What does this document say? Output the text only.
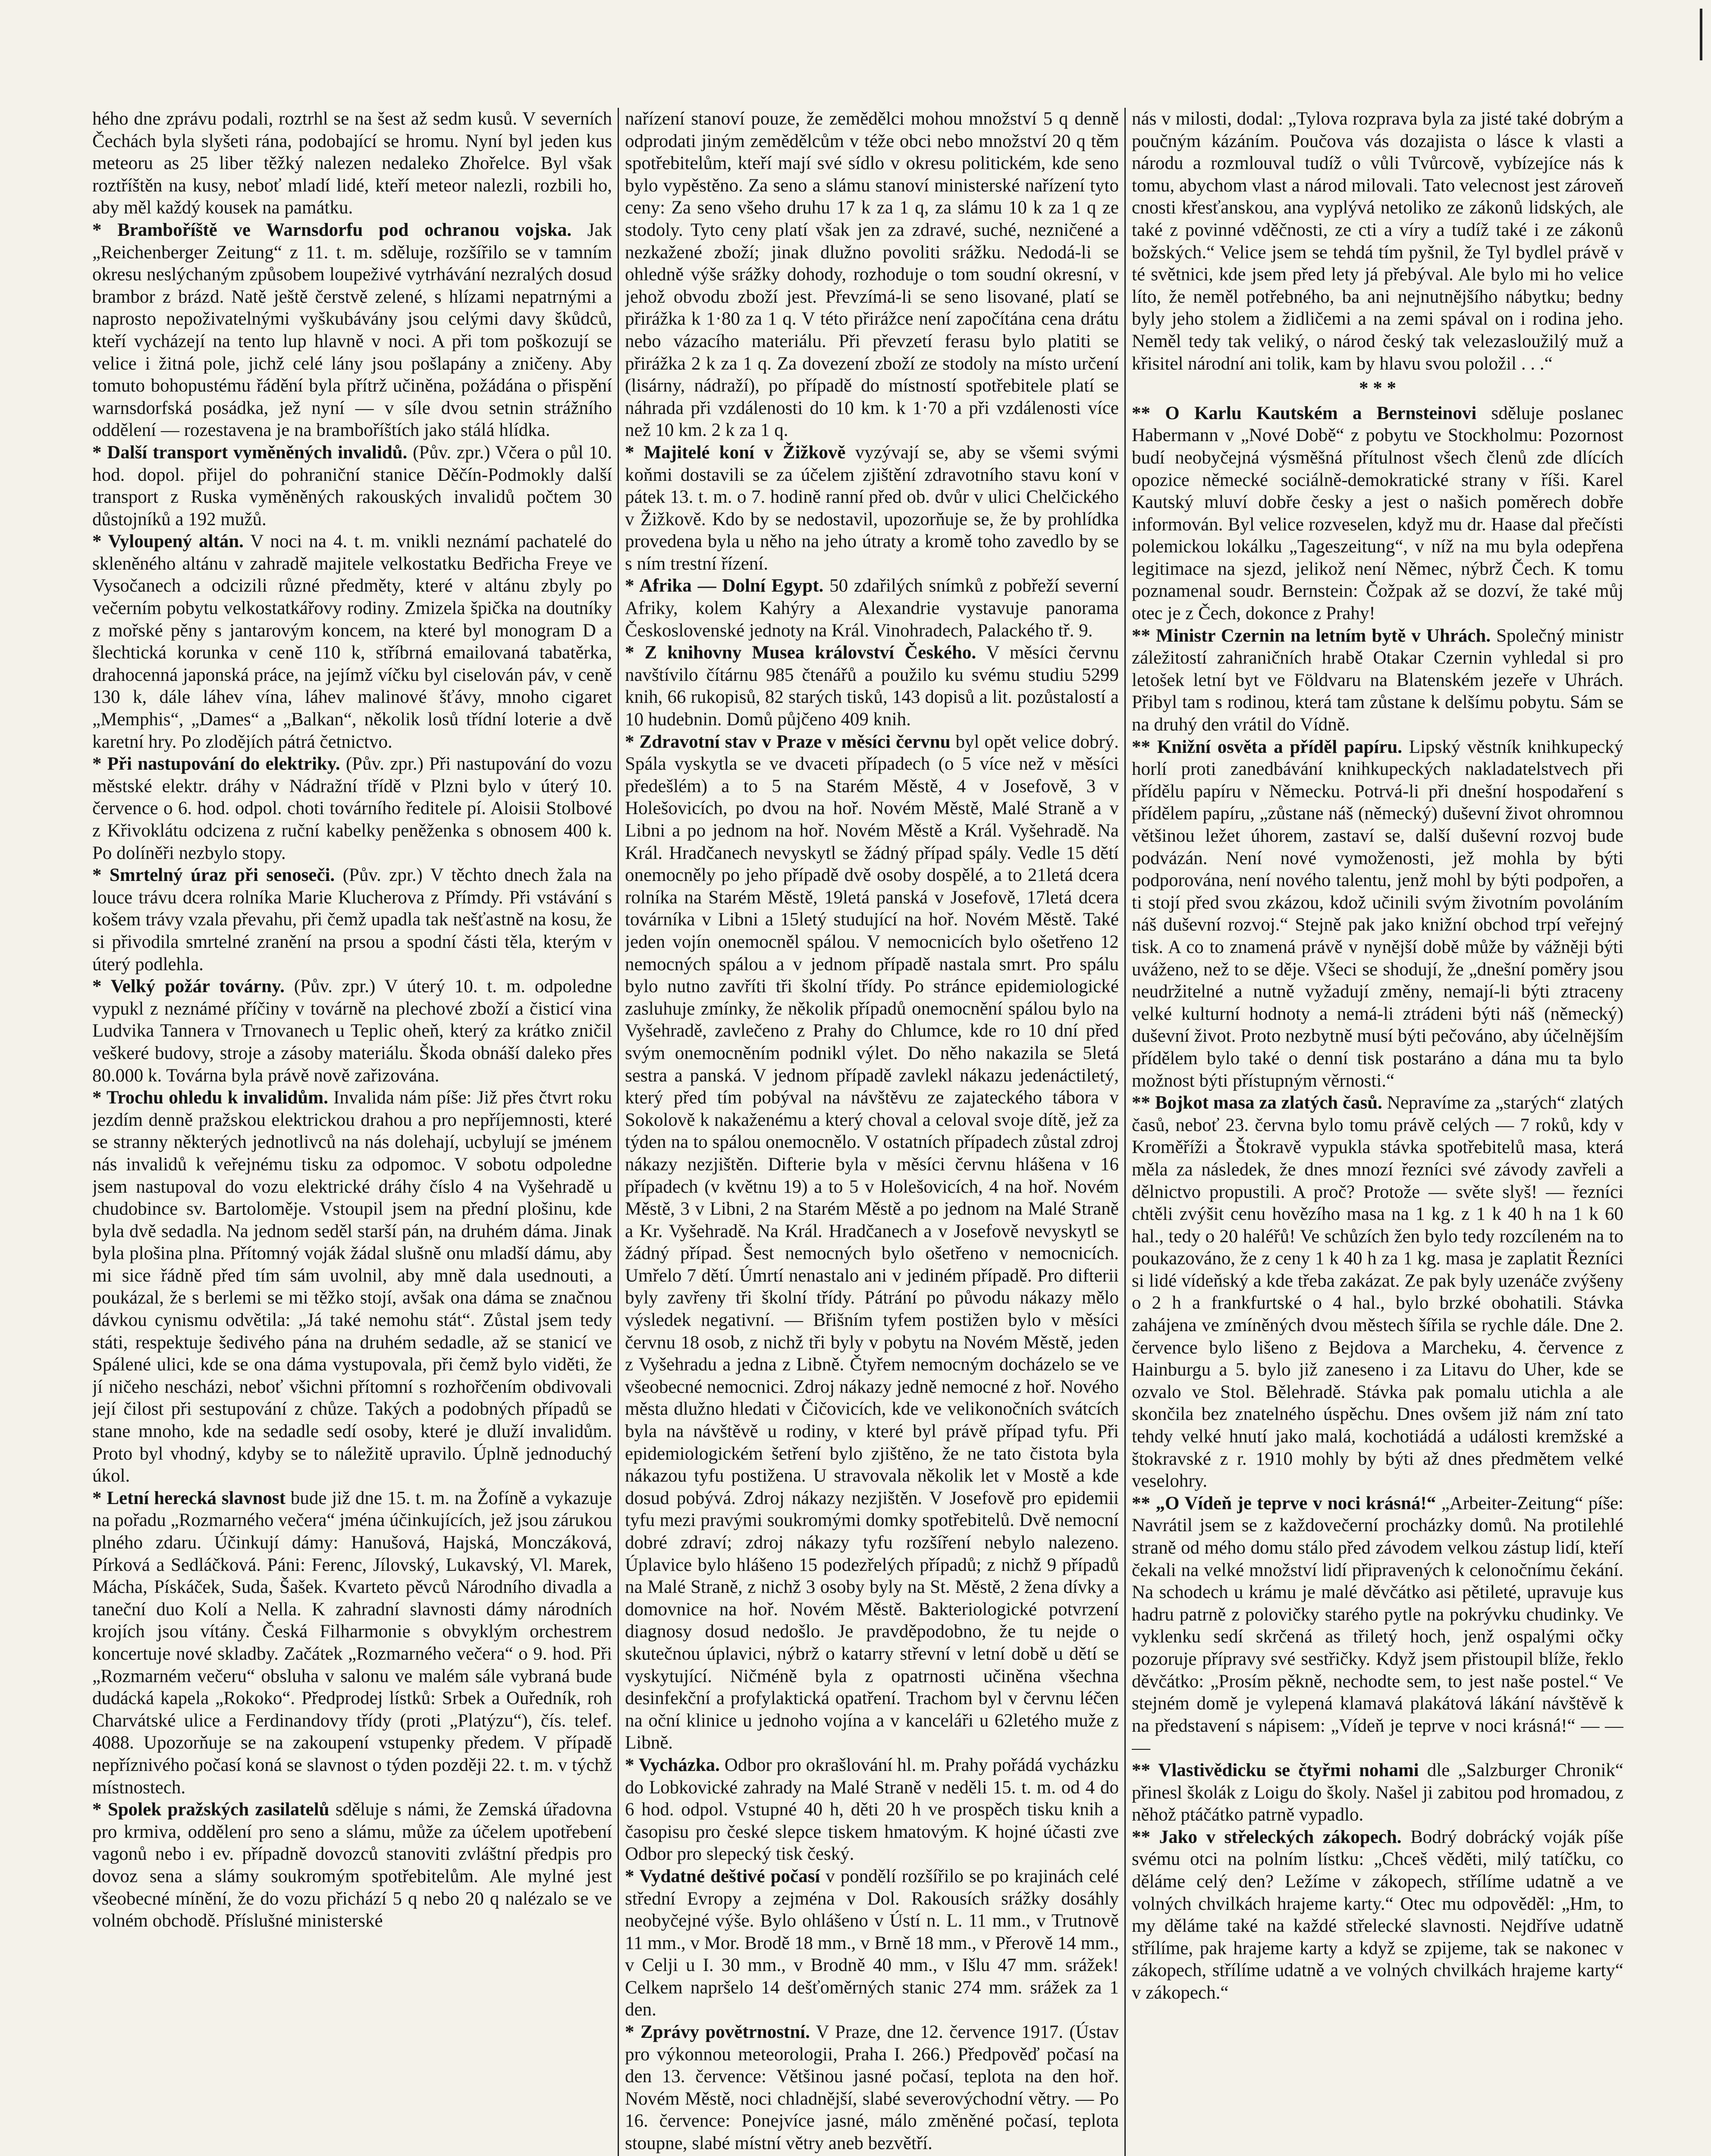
hého dne zprávu podali, roztrhl se na šest až sedm kusů. V severních Čechách byla slyšeti rána, podobající se hromu. Nyní byl jeden kus meteoru as 25 liber těžký nalezen nedaleko Zhořelce. Byl však roztříštěn na kusy, neboť mladí lidé, kteří meteor nalezli, rozbili ho, aby měl každý kousek na památku.

* Bramboříště ve Warnsdorfu pod ochranou vojska. Jak „Reichenberger Zeitung“ z 11. t. m. sděluje, rozšířilo se v tamním okresu neslýchaným způsobem loupeživé vytrhávání nezralých dosud brambor z brázd. Natě ještě čerstvě zelené, s hlízami nepatrnými a naprosto nepoživatelnými vyškubávány jsou celými davy škůdců, kteří vycházejí na tento lup hlavně v noci. A při tom poškozují se velice i žitná pole, jichž celé lány jsou pošlapány a zničeny. Aby tomuto bohopustému řádění byla přítrž učiněna, požádána o přispění warnsdorfská posádka, jež nyní — v síle dvou setnin strážního oddělení — rozestavena je na bramboříštích jako stálá hlídka.

* Další transport vyměněných invalidů. (Pův. zpr.) Včera o půl 10. hod. dopol. přijel do pohraniční stanice Děčín-Podmokly další transport z Ruska vyměněných rakouských invalidů počtem 30 důstojníků a 192 mužů.

* Vyloupený altán. V noci na 4. t. m. vnikli neznámí pachatelé do skleněného altánu v zahradě majitele velkostatku Bedřicha Freye ve Vysočanech a odcizili různé předměty, které v altánu zbyly po večerním pobytu velkostatkářovy rodiny. Zmizela špička na doutníky z mořské pěny s jantarovým koncem, na které byl monogram D a šlechtická korunka v ceně 110 k, stříbrná emailovaná tabatěrka, drahocenná japonská práce, na jejímž víčku byl ciselován páv, v ceně 130 k, dále láhev vína, láhev malinové šťávy, mnoho cigaret „Memphis“, „Dames“ a „Balkan“, několik losů třídní loterie a dvě karetní hry. Po zlodějích pátrá četnictvo.

* Při nastupování do elektriky. (Pův. zpr.) Při nastupování do vozu městské elektr. dráhy v Nádražní třídě v Plzni bylo v úterý 10. července o 6. hod. odpol. choti továrního ředitele pí. Aloisii Stolbové z Křivoklátu odcizena z ruční kabelky peněženka s obnosem 400 k. Po dolíněři nezbylo stopy.

* Smrtelný úraz při senoseči. (Pův. zpr.) V těchto dnech žala na louce trávu dcera rolníka Marie Klucherova z Přímdy. Při vstávání s košem trávy vzala převahu, při čemž upadla tak nešťastně na kosu, že si přivodila smrtelné zranění na prsou a spodní části těla, kterým v úterý podlehla.

* Velký požár továrny. (Pův. zpr.) V úterý 10. t. m. odpoledne vypukl z neznámé příčiny v továrně na plechové zboží a čisticí vina Ludvika Tannera v Trnovanech u Teplic oheň, který za krátko zničil veškeré budovy, stroje a zásoby materiálu. Škoda obnáší daleko přes 80.000 k. Továrna byla právě nově zařizována.

* Trochu ohledu k invalidům. Invalida nám píše: Již přes čtvrt roku jezdím denně pražskou elektrickou drahou a pro nepříjemnosti, které se stranny některých jednotlivců na nás dolehají, ucbylují se jménem nás invalidů k veřejnému tisku za odpomoc. V sobotu odpoledne jsem nastupoval do vozu elektrické dráhy číslo 4 na Vyšehradě u chudobince sv. Bartoloměje. Vstoupil jsem na přední plošinu, kde byla dvě sedadla. Na jednom seděl starší pán, na druhém dáma. Jinak byla plošina plna. Přítomný voják žádal slušně onu mladší dámu, aby mi sice řádně před tím sám uvolnil, aby mně dala usednouti, a poukázal, že s berlemi se mi těžko stojí, avšak ona dáma se značnou dávkou cynismu odvětila: „Já také nemohu stát“. Zůstal jsem tedy státi, respektuje šedivého pána na druhém sedadle, až se stanicí ve Spálené ulici, kde se ona dáma vystupovala, při čemž bylo viděti, že jí ničeho nescházi, neboť všichni přítomní s rozhořčením obdivovali její čilost při sestupování z chůze. Takých a podobných případů se stane mnoho, kde na sedadle sedí osoby, které je dluží invalidům. Proto byl vhodný, kdyby se to náležitě upravilo. Úplně jednoduchý úkol.

* Letní herecká slavnost bude již dne 15. t. m. na Žofíně a vykazuje na pořadu „Rozmarného večera“ jména účinkujících, jež jsou zárukou plného zdaru. Účinkují dámy: Hanušová, Hajská, Monczáková, Pírková a Sedláčková. Páni: Ferenc, Jílovský, Lukavský, Vl. Marek, Mácha, Pískáček, Suda, Šašek. Kvarteto pěvců Národního divadla a taneční duo Kolí a Nella. K zahradní slavnosti dámy národních krojích jsou vítány. Česká Filharmonie s obvyklým orchestrem koncertuje nové skladby. Začátek „Rozmarného večera“ o 9. hod. Při „Rozmarném večeru“ obsluha v salonu ve malém sále vybraná bude dudácká kapela „Rokoko“. Předprodej lístků: Srbek a Ouředník, roh Charvátské ulice a Ferdinandovy třídy (proti „Platýzu“), čís. telef. 4088. Upozorňuje se na zakoupení vstupenky předem. V případě nepříznivého počasí koná se slavnost o týden později 22. t. m. v týchž místnostech.

* Spolek pražských zasilatelů sděluje s námi, že Zemská úřadovna pro krmiva, oddělení pro seno a slámu, může za účelem upotřebení vagonů nebo i ev. případně dovozců stanoviti zvláštní předpis pro dovoz sena a slámy soukromým spotřebitelům. Ale mylné jest všeobecné mínění, že do vozu přichází 5 q nebo 20 q nalézalo se ve volném obchodě. Příslušné ministerské

nařízení stanoví pouze, že zemědělci mohou množství 5 q denně odprodati jiným zemědělcům v téže obci nebo množství 20 q těm spotřebitelům, kteří mají své sídlo v okresu politickém, kde seno bylo vypěstěno. Za seno a slámu stanoví ministerské nařízení tyto ceny: Za seno všeho druhu 17 k za 1 q, za slámu 10 k za 1 q ze stodoly. Tyto ceny platí však jen za zdravé, suché, nezničené a nezkažené zboží; jinak dlužno povoliti srážku. Nedodá-li se ohledně výše srážky dohody, rozhoduje o tom soudní okresní, v jehož obvodu zboží jest. Převzímá-li se seno lisované, platí se přirážka k 1·80 za 1 q. V této přirážce není započítána cena drátu nebo vázacího materiálu. Při převzetí ferasu bylo platiti se přirážka 2 k za 1 q. Za dovezení zboží ze stodoly na místo určení (lisárny, nádraží), po případě do místností spotřebitele platí se náhrada při vzdálenosti do 10 km. k 1·70 a při vzdálenosti více než 10 km. 2 k za 1 q.

* Majitelé koní v Žižkově vyzývají se, aby se všemi svými koňmi dostavili se za účelem zjištění zdravotního stavu koní v pátek 13. t. m. o 7. hodině ranní před ob. dvůr v ulici Chelčického v Žižkově. Kdo by se nedostavil, upozorňuje se, že by prohlídka provedena byla u něho na jeho útraty a kromě toho zavedlo by se s ním trestní řízení.

* Afrika — Dolní Egypt. 50 zdařilých snímků z pobřeží severní Afriky, kolem Kahýry a Alexandrie vystavuje panorama Československé jednoty na Král. Vinohradech, Palackého tř. 9.

* Z knihovny Musea království Českého. V měsíci červnu navštívilo čítárnu 985 čtenářů a použilo ku svému studiu 5299 knih, 66 rukopisů, 82 starých tisků, 143 dopisů a lit. pozůstalostí a 10 hudebnin. Domů půjčeno 409 knih.

* Zdravotní stav v Praze v měsíci červnu byl opět velice dobrý. Spála vyskytla se ve dvaceti případech (o 5 více než v měsíci předešlém) a to 5 na Starém Městě, 4 v Josefově, 3 v Holešovicích, po dvou na hoř. Novém Městě, Malé Straně a v Libni a po jednom na hoř. Novém Městě a Král. Vyšehradě. Na Král. Hradčanech nevyskytl se žádný případ spály. Vedle 15 dětí onemocněly po jeho případě dvě osoby dospělé, a to 21letá dcera rolníka na Starém Městě, 19letá panská v Josefově, 17letá dcera továrníka v Libni a 15letý studující na hoř. Novém Městě. Také jeden vojín onemocněl spálou. V nemocnicích bylo ošetřeno 12 nemocných spálou a v jednom případě nastala smrt. Pro spálu bylo nutno zavříti tři školní třídy. Po stránce epidemiologické zasluhuje zmínky, že několik případů onemocnění spálou bylo na Vyšehradě, zavlečeno z Prahy do Chlumce, kde ro 10 dní před svým onemocněním podnikl výlet. Do něho nakazila se 5letá sestra a panská. V jednom případě zavlekl nákazu jedenáctiletý, který před tím pobýval na návštěvu ze zajateckého tábora v Sokolově k nakaženému a který choval a celoval svoje dítě, jež za týden na to spálou onemocnělo. V ostatních případech zůstal zdroj nákazy nezjištěn. Difterie byla v měsíci červnu hlášena v 16 případech (v květnu 19) a to 5 v Holešovicích, 4 na hoř. Novém Městě, 3 v Libni, 2 na Starém Městě a po jednom na Malé Straně a Kr. Vyšehradě. Na Král. Hradčanech a v Josefově nevyskytl se žádný případ. Šest nemocných bylo ošetřeno v nemocnicích. Umřelo 7 dětí. Úmrtí nenastalo ani v jediném případě. Pro difterii byly zavřeny tři školní třídy. Pátrání po původu nákazy mělo výsledek negativní. — Břišním tyfem postižen bylo v měsíci červnu 18 osob, z nichž tři byly v pobytu na Novém Městě, jeden z Vyšehradu a jedna z Libně. Čtyřem nemocným docházelo se ve všeobecné nemocnici. Zdroj nákazy jedně nemocné z hoř. Nového města dlužno hledati v Čičovicích, kde ve velikonočních svátcích byla na návštěvě u rodiny, v které byl právě případ tyfu. Při epidemiologickém šetření bylo zjištěno, že ne tato čistota byla nákazou tyfu postižena. U stravovala několik let v Mostě a kde dosud pobývá. Zdroj nákazy nezjištěn. V Josefově pro epidemii tyfu mezi pravými soukromými domky spotřebitelů. Dvě nemocní dobré zdraví; zdroj nákazy tyfu rozšíření nebylo nalezeno. Úplavice bylo hlášeno 15 podezřelých případů; z nichž 9 případů na Malé Straně, z nichž 3 osoby byly na St. Městě, 2 žena dívky a domovnice na hoř. Novém Městě. Bakteriologické potvrzení diagnosy dosud nedošlo. Je pravděpodobno, že tu nejde o skutečnou úplavici, nýbrž o katarry střevní v letní době u dětí se vyskytující. Ničméně byla z opatrnosti učiněna všechna desinfekční a profylaktická opatření. Trachom byl v červnu léčen na oční klinice u jednoho vojína a v kanceláři u 62letého muže z Libně.

* Vycházka. Odbor pro okrašlování hl. m. Prahy pořádá vycházku do Lobkovické zahrady na Malé Straně v neděli 15. t. m. od 4 do 6 hod. odpol. Vstupné 40 h, děti 20 h ve prospěch tisku knih a časopisu pro české slepce tiskem hmatovým. K hojné účasti zve Odbor pro slepecký tisk český.

* Vydatné deštivé počasí v pondělí rozšířilo se po krajinách celé střední Evropy a zejména v Dol. Rakousích srážky dosáhly neobyčejné výše. Bylo ohlášeno v Ústí n. L. 11 mm., v Trutnově 11 mm., v Mor. Brodě 18 mm., v Brně 18 mm., v Přerově 14 mm., v Celji u I. 30 mm., v Brodně 40 mm., v Išlu 47 mm. srážek! Celkem napršelo 14 dešťoměrných stanic 274 mm. srážek za 1 den.

* Zprávy povětrnostní. V Praze, dne 12. července 1917. (Ústav pro výkonnou meteorologii, Praha I. 266.) Předpověď počasí na den 13. července: Většinou jasné počasí, teplota na den hoř. Novém Městě, noci chladnější, slabé severovýchodní větry. — Po 16. července: Ponejvíce jasné, málo změněné počasí, teplota stoupne, slabé místní větry aneb bezvětří.

nás v milosti, dodal: „Tylova rozprava byla za jisté také dobrým a poučným kázáním. Poučova vás dozajista o lásce k vlasti a národu a rozmlouval tudíž o vůli Tvůrcově, vybízejíce nás k tomu, abychom vlast a národ milovali. Tato velecnost jest zároveň cnosti křesťanskou, ana vyplývá netoliko ze zákonů lidských, ale také z povinné vděčnosti, ze cti a víry a tudíž také i ze zákonů božských.“ Velice jsem se tehdá tím pyšnil, že Tyl bydlel právě v té světnici, kde jsem před lety já přebýval. Ale bylo mi ho velice líto, že neměl potřebného, ba ani nejnutnějšího nábytku; bedny byly jeho stolem a židličemi a na zemi spával on i rodina jeho. Neměl tedy tak veliký, o národ český tak velezasloužilý muž a křisitel národní ani tolik, kam by hlavu svou položil . . .“

* * *

** O Karlu Kautském a Bernsteinovi sděluje poslanec Habermann v „Nové Době“ z pobytu ve Stockholmu: Pozornost budí neobyčejná výsměšná přítulnost všech členů zde dlících opozice německé sociálně-demokratické strany v říši. Karel Kautský mluví dobře česky a jest o našich poměrech dobře informován. Byl velice rozveselen, když mu dr. Haase dal přečísti polemickou lokálku „Tageszeitung“, v níž na mu byla odepřena legitimace na sjezd, jelikož není Němec, nýbrž Čech. K tomu poznamenal soudr. Bernstein: Čožpak až se dozví, že také můj otec je z Čech, dokonce z Prahy!

** Ministr Czernin na letním bytě v Uhrách. Společný ministr záležitostí zahraničních hrabě Otakar Czernin vyhledal si pro letošek letní byt ve Földvaru na Blatenském jezeře v Uhrách. Přibyl tam s rodinou, která tam zůstane k delšímu pobytu. Sám se na druhý den vrátil do Vídně.

** Knižní osvěta a příděl papíru. Lipský věstník knihkupecký horlí proti zanedbávání knihkupeckých nakladatelstvech při přídělu papíru v Německu. Potrvá-li při dnešní hospodaření s přídělem papíru, „zůstane náš (německý) duševní život ohromnou většinou ležet úhorem, zastaví se, další duševní rozvoj bude podvázán. Není nové vymoženosti, jež mohla by býti podporována, není nového talentu, jenž mohl by býti podpořen, a ti stojí před svou zkázou, kdož učinili svým životním povoláním náš duševní rozvoj.“ Stejně pak jako knižní obchod trpí veřejný tisk. A co to znamená právě v nynější době může by vážněji býti uváženo, než to se děje. Všeci se shodují, že „dnešní poměry jsou neudržitelné a nutně vyžadují změny, nemají-li býti ztraceny velké kulturní hodnoty a nemá-li ztrádeni býti náš (německý) duševní život. Proto nezbytně musí býti pečováno, aby účelnějším přídělem bylo také o denní tisk postaráno a dána mu ta bylo možnost býti přístupným věrnosti.“

** Bojkot masa za zlatých časů. Nepravíme za „starých“ zlatých časů, neboť 23. června bylo tomu právě celých — 7 roků, kdy v Kroměříži a Štokravě vypukla stávka spotřebitelů masa, která měla za následek, že dnes mnozí řezníci své závody zavřeli a dělnictvo propustili. A proč? Protože — světe slyš! — řezníci chtěli zvýšit cenu hovězího masa na 1 kg. z 1 k 40 h na 1 k 60 hal., tedy o 20 haléřů! Ve schůzích žen bylo tedy rozcíleném na to poukazováno, že z ceny 1 k 40 h za 1 kg. masa je zaplatit Řezníci si lidé vídeňský a kde třeba zakázat. Ze pak byly uzenáče zvýšeny o 2 h a frankfurtské o 4 hal., bylo brzké obohatili. Stávka zahájena ve zmíněných dvou městech šířila se rychle dále. Dne 2. července bylo lišeno z Bejdova a Marcheku, 4. července z Hainburgu a 5. bylo již zaneseno i za Litavu do Uher, kde se ozvalo ve Stol. Bělehradě. Stávka pak pomalu utichla a ale skončila bez znatelného úspěchu. Dnes ovšem již nám zní tato tehdy velké hnutí jako malá, kochotiádá a události kremžské a štokravské z r. 1910 mohly by býti až dnes předmětem velké veselohry.

** „O Vídeň je teprve v noci krásná!“ „Arbeiter-Zeitung“ píše: Navrátil jsem se z každovečerní procházky domů. Na protilehlé straně od mého domu stálo před závodem velkou zástup lidí, kteří čekali na velké množství lidí připravených k celonočnímu čekání. Na schodech u krámu je malé děvčátko asi pětileté, upravuje kus hadru patrně z polovičky starého pytle na pokrývku chudinky. Ve vyklenku sedí skrčená as třiletý hoch, jenž ospalými očky pozoruje přípravy své sestřičky. Když jsem přistoupil blíže, řeklo děvčátko: „Prosím pěkně, nechodte sem, to jest naše postel.“ Ve stejném domě je vylepená klamavá plakátová lákání návštěvě k na představení s nápisem: „Vídeň je teprve v noci krásná!“ — — —

** Vlastivědicku se čtyřmi nohami dle „Salzburger Chronik“ přinesl školák z Loigu do školy. Našel ji zabitou pod hromadou, z něhož ptáčátko patrně vypadlo.

** Jako v střeleckých zákopech. Bodrý dobrácký voják píše svému otci na polním lístku: „Chceš věděti, milý tatíčku, co děláme celý den? Ležíme v zákopech, střílíme udatně a ve volných chvilkách hrajeme karty.“ Otec mu odpověděl: „Hm, to my děláme také na každé střelecké slavnosti. Nejdříve udatně střílíme, pak hrajeme karty a když se zpijeme, tak se nakonec v zákopech, střílíme udatně a ve volných chvilkách hrajeme karty“ v zákopech.“
